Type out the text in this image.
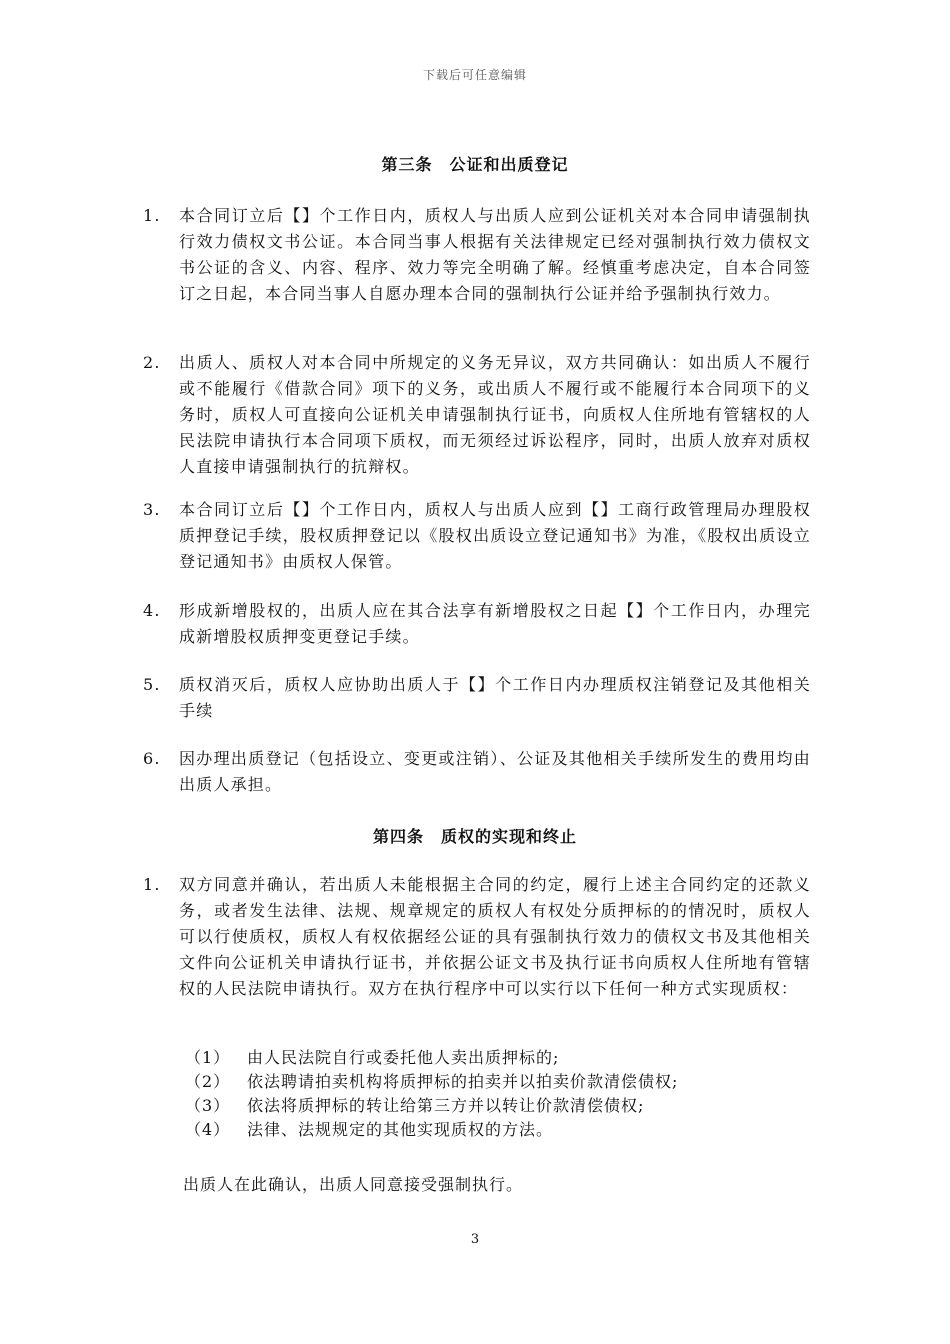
下载后可任意编辑
第三条　公证和出质登记
1.	本合同订立后【】个工作日内，质权人与出质人应到公证机关对本合同申请强制执行效力债权文书公证。本合同当事人根据有关法律规定已经对强制执行效力债权文书公证的含义、内容、程序、效力等完全明确了解。经慎重考虑决定，自本合同签订之日起，本合同当事人自愿办理本合同的强制执行公证并给予强制执行效力。
2.	出质人、质权人对本合同中所规定的义务无异议，双方共同确认：如出质人不履行或不能履行《借款合同》项下的义务，或出质人不履行或不能履行本合同项下的义务时，质权人可直接向公证机关申请强制执行证书，向质权人住所地有管辖权的人民法院申请执行本合同项下质权，而无须经过诉讼程序，同时，出质人放弃对质权人直接申请强制执行的抗辩权。
3.	本合同订立后【】个工作日内，质权人与出质人应到【】工商行政管理局办理股权质押登记手续，股权质押登记以《股权出质设立登记通知书》为准，《股权出质设立登记通知书》由质权人保管。
4.	形成新增股权的，出质人应在其合法享有新增股权之日起【】个工作日内，办理完成新增股权质押变更登记手续。
5.	质权消灭后，质权人应协助出质人于【】个工作日内办理质权注销登记及其他相关手续
6.	因办理出质登记（包括设立、变更或注销）、公证及其他相关手续所发生的费用均由出质人承担。
第四条　质权的实现和终止
1.	双方同意并确认，若出质人未能根据主合同的约定，履行上述主合同约定的还款义务，或者发生法律、法规、规章规定的质权人有权处分质押标的的情况时，质权人可以行使质权，质权人有权依据经公证的具有强制执行效力的债权文书及其他相关文件向公证机关申请执行证书，并依据公证文书及执行证书向质权人住所地有管辖权的人民法院申请执行。双方在执行程序中可以实行以下任何一种方式实现质权：
（1）	由人民法院自行或委托他人卖出质押标的;
（2）	依法聘请拍卖机构将质押标的拍卖并以拍卖价款清偿债权;
（3）	依法将质押标的转让给第三方并以转让价款清偿债权;
（4）	法律、法规规定的其他实现质权的方法。
出质人在此确认，出质人同意接受强制执行。
3
